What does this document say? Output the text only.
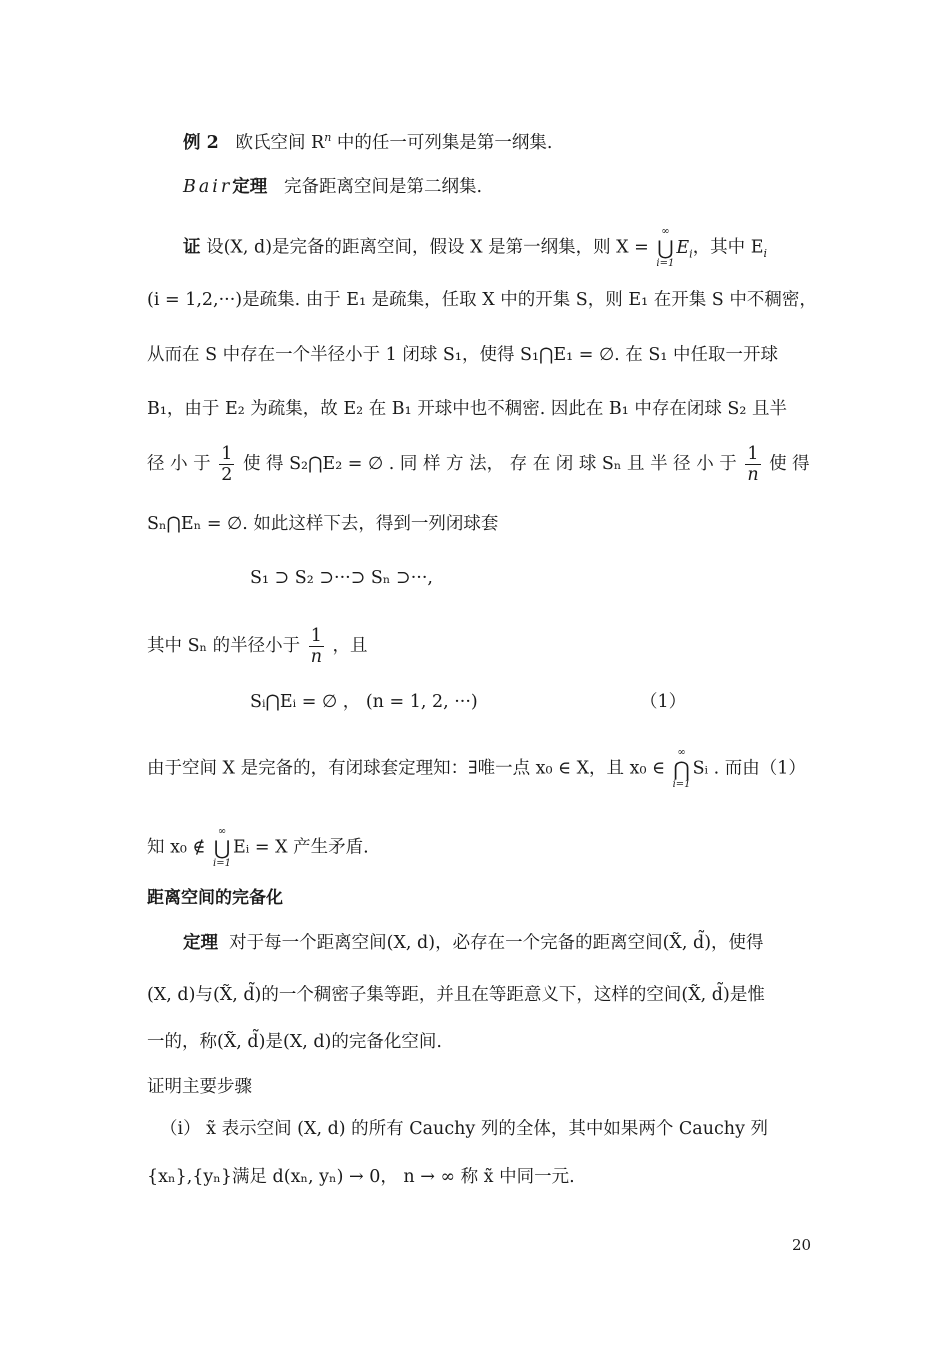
例 2 欧氏空间 $R^n$ 中的任一可列集是第一纲集.
Bair定理 完备距离空间是第二纲集.
证 设(X, d)是完备的距离空间，假设 X 是第一纲集，则 X =
∞
⋃
i=1
$E_i$，其中 $E_i$
(i = 1,2,···)是疏集. 由于 E₁ 是疏集，任取 X 中的开集 S，则 E₁ 在开集 S 中不稠密，
从而在 S 中存在一个半径小于 1 闭球 S₁，使得 S₁⋂E₁ = ∅. 在 S₁ 中任取一开球
B₁，由于 E₂ 为疏集，故 E₂ 在 B₁ 开球中也不稠密. 因此在 B₁ 中存在闭球 S₂ 且半
径 小 于 $\frac{1}{2}$ 使 得 S₂⋂E₂ = ∅ . 同 样 方 法， 存 在 闭 球 Sₙ 且 半 径 小 于 $\frac{1}{n}$ 使 得
Sₙ⋂Eₙ = ∅. 如此这样下去，得到一列闭球套
S₁ ⊃ S₂ ⊃···⊃ Sₙ ⊃···,
其中 Sₙ 的半径小于 $\frac{1}{n}$ ，且
Sᵢ⋂Eᵢ = ∅ ， (n = 1, 2, ···)	（1）
由于空间 X 是完备的，有闭球套定理知：∃唯一点 x₀ ∈ X，且 x₀ ∈
∞
⋂
i=1
Sᵢ . 而由（1）
知 x₀ ∉
∞
⋃
i=1
Eᵢ = X 产生矛盾.
距离空间的完备化
定理 对于每一个距离空间(X, d)，必存在一个完备的距离空间(X̃, d̃)，使得
(X, d)与(X̃, d̃)的一个稠密子集等距，并且在等距意义下，这样的空间(X̃, d̃)是惟
一的，称(X̃, d̃)是(X, d)的完备化空间.
证明主要步骤
（i） x̃ 表示空间 (X, d) 的所有 Cauchy 列的全体，其中如果两个 Cauchy 列
{xₙ},{yₙ}满足 d(xₙ, yₙ) → 0， n → ∞ 称 x̃ 中同一元.
20
